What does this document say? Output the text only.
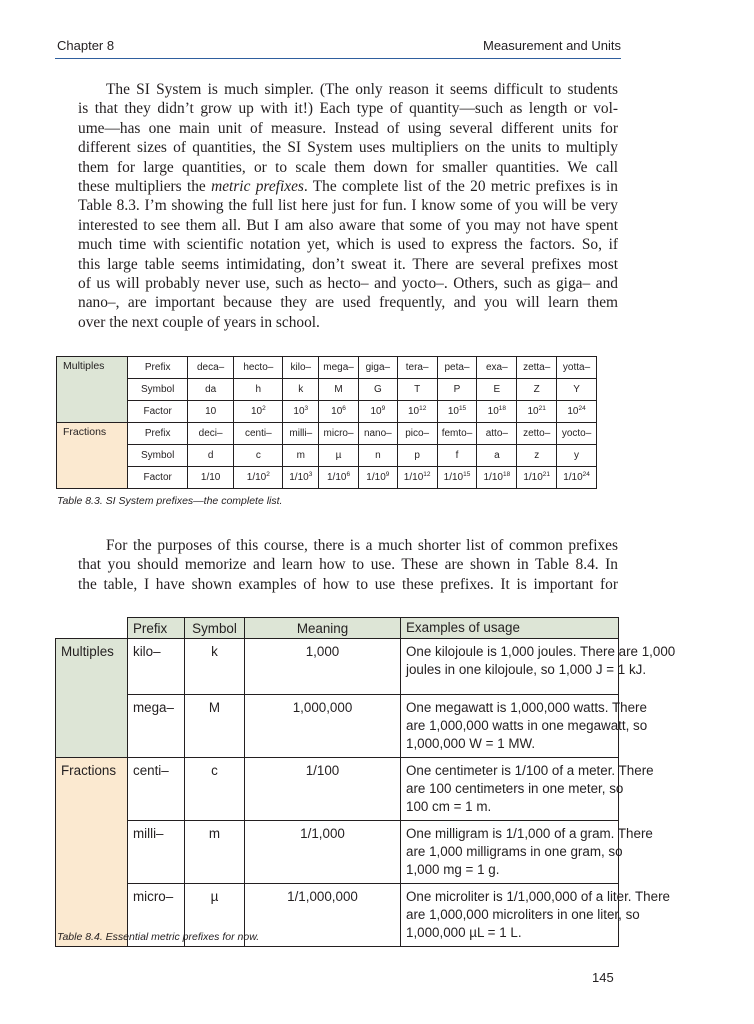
Chapter 8	Measurement and Units

The SI System is much simpler. (The only reason it seems difficult to students
is that they didn’t grow up with it!) Each type of quantity—such as length or vol-
ume—has one main unit of measure. Instead of using several different units for
different sizes of quantities, the SI System uses multipliers on the units to multiply
them for large quantities, or to scale them down for smaller quantities. We call
these multipliers the metric prefixes. The complete list of the 20 metric prefixes is in
Table 8.3. I’m showing the full list here just for fun. I know some of you will be very
interested to see them all. But I am also aware that some of you may not have spent
much time with scientific notation yet, which is used to express the factors. So, if
this large table seems intimidating, don’t sweat it. There are several prefixes most
of us will probably never use, such as hecto– and yocto–. Others, such as giga– and
nano–, are important because they are used frequently, and you will learn them
over the next couple of years in school.

Multiples	Prefix	deca–	hecto–	kilo–	mega–	giga–	tera–	peta–	exa–	zetta–	yotta–
	Symbol	da	h	k	M	G	T	P	E	Z	Y
	Factor	10	$10^2$	$10^3$	$10^6$	$10^9$	$10^{12}$	$10^{15}$	$10^{18}$	$10^{21}$	$10^{24}$
Fractions	Prefix	deci–	centi–	milli–	micro–	nano–	pico–	femto–	atto–	zetto–	yocto–
	Symbol	d	c	m	µ	n	p	f	a	z	y
	Factor	1/10	$1/10^2$	$1/10^3$	$1/10^6$	$1/10^9$	$1/10^{12}$	$1/10^{15}$	$1/10^{18}$	$1/10^{21}$	$1/10^{24}$
Table 8.3. SI System prefixes—the complete list.

For the purposes of this course, there is a much shorter list of common prefixes
that you should memorize and learn how to use. These are shown in Table 8.4. In
the table, I have shown examples of how to use these prefixes. It is important for

	Prefix	Symbol	Meaning	Examples of usage
Multiples	kilo–	k	1,000	One kilojoule is 1,000 joules. There are 1,000
joules in one kilojoule, so 1,000 J = 1 kJ.

	mega–	M	1,000,000	One megawatt is 1,000,000 watts. There
are 1,000,000 watts in one megawatt, so
1,000,000 W = 1 MW.

Fractions	centi–	c	1/100	One centimeter is 1/100 of a meter. There
are 100 centimeters in one meter, so
100 cm = 1 m.

	milli–	m	1/1,000	One milligram is 1/1,000 of a gram. There
are 1,000 milligrams in one gram, so
1,000 mg = 1 g.

	micro–	µ	1/1,000,000	One microliter is 1/1,000,000 of a liter. There
are 1,000,000 microliters in one liter, so
1,000,000 µL = 1 L.
Table 8.4. Essential metric prefixes for now.
145
